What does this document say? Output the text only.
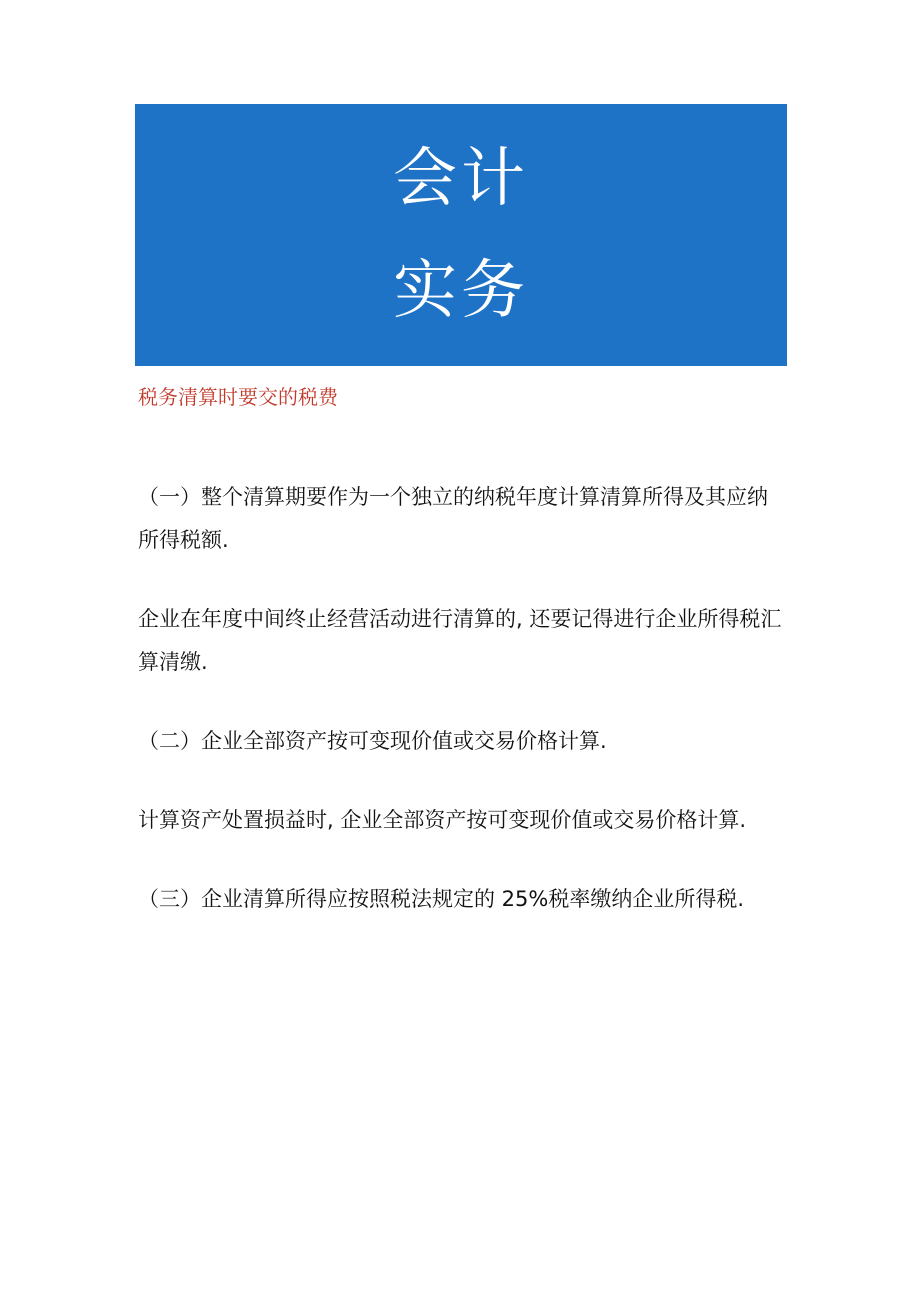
会计
实务
税务清算时要交的税费

（一）整个清算期要作为一个独立的纳税年度计算清算所得及其应纳所得税额.

企业在年度中间终止经营活动进行清算的, 还要记得进行企业所得税汇算清缴.

（二）企业全部资产按可变现价值或交易价格计算.

计算资产处置损益时, 企业全部资产按可变现价值或交易价格计算.

（三）企业清算所得应按照税法规定的 25%税率缴纳企业所得税.
